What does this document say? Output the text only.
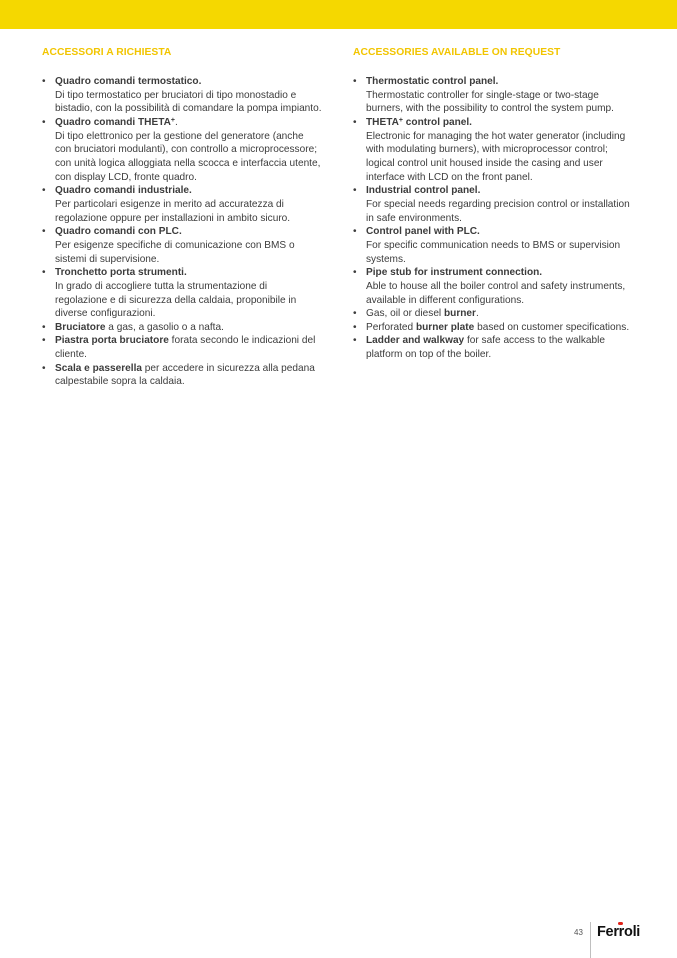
ACCESSORI A RICHIESTA
• Quadro comandi termostatico.
Di tipo termostatico per bruciatori di tipo monostadio e bistadio, con la possibilità di comandare la pompa impianto.
• Quadro comandi THETA+.
Di tipo elettronico per la gestione del generatore (anche con bruciatori modulanti), con controllo a microprocessore; con unità logica alloggiata nella scocca e interfaccia utente, con display LCD, fronte quadro.
• Quadro comandi industriale.
Per particolari esigenze in merito ad accuratezza di regolazione oppure per installazioni in ambito sicuro.
• Quadro comandi con PLC.
Per esigenze specifiche di comunicazione con BMS o sistemi di supervisione.
• Tronchetto porta strumenti.
In grado di accogliere tutta la strumentazione di regolazione e di sicurezza della caldaia, proponibile in diverse configurazioni.
• Bruciatore a gas, a gasolio o a nafta.
• Piastra porta bruciatore forata secondo le indicazioni del cliente.
• Scala e passerella per accedere in sicurezza alla pedana calpestabile sopra la caldaia.
ACCESSORIES AVAILABLE ON REQUEST
• Thermostatic control panel.
Thermostatic controller for single-stage or two-stage burners, with the possibility to control the system pump.
• THETA+ control panel.
Electronic for managing the hot water generator (including with modulating burners), with microprocessor control; logical control unit housed inside the casing and user interface with LCD on the front panel.
• Industrial control panel.
For special needs regarding precision control or installation in safe environments.
• Control panel with PLC.
For specific communication needs to BMS or supervision systems.
• Pipe stub for instrument connection.
Able to house all the boiler control and safety instruments, available in different configurations.
• Gas, oil or diesel burner.
• Perforated burner plate based on customer specifications.
• Ladder and walkway for safe access to the walkable platform on top of the boiler.
43 Ferroli
